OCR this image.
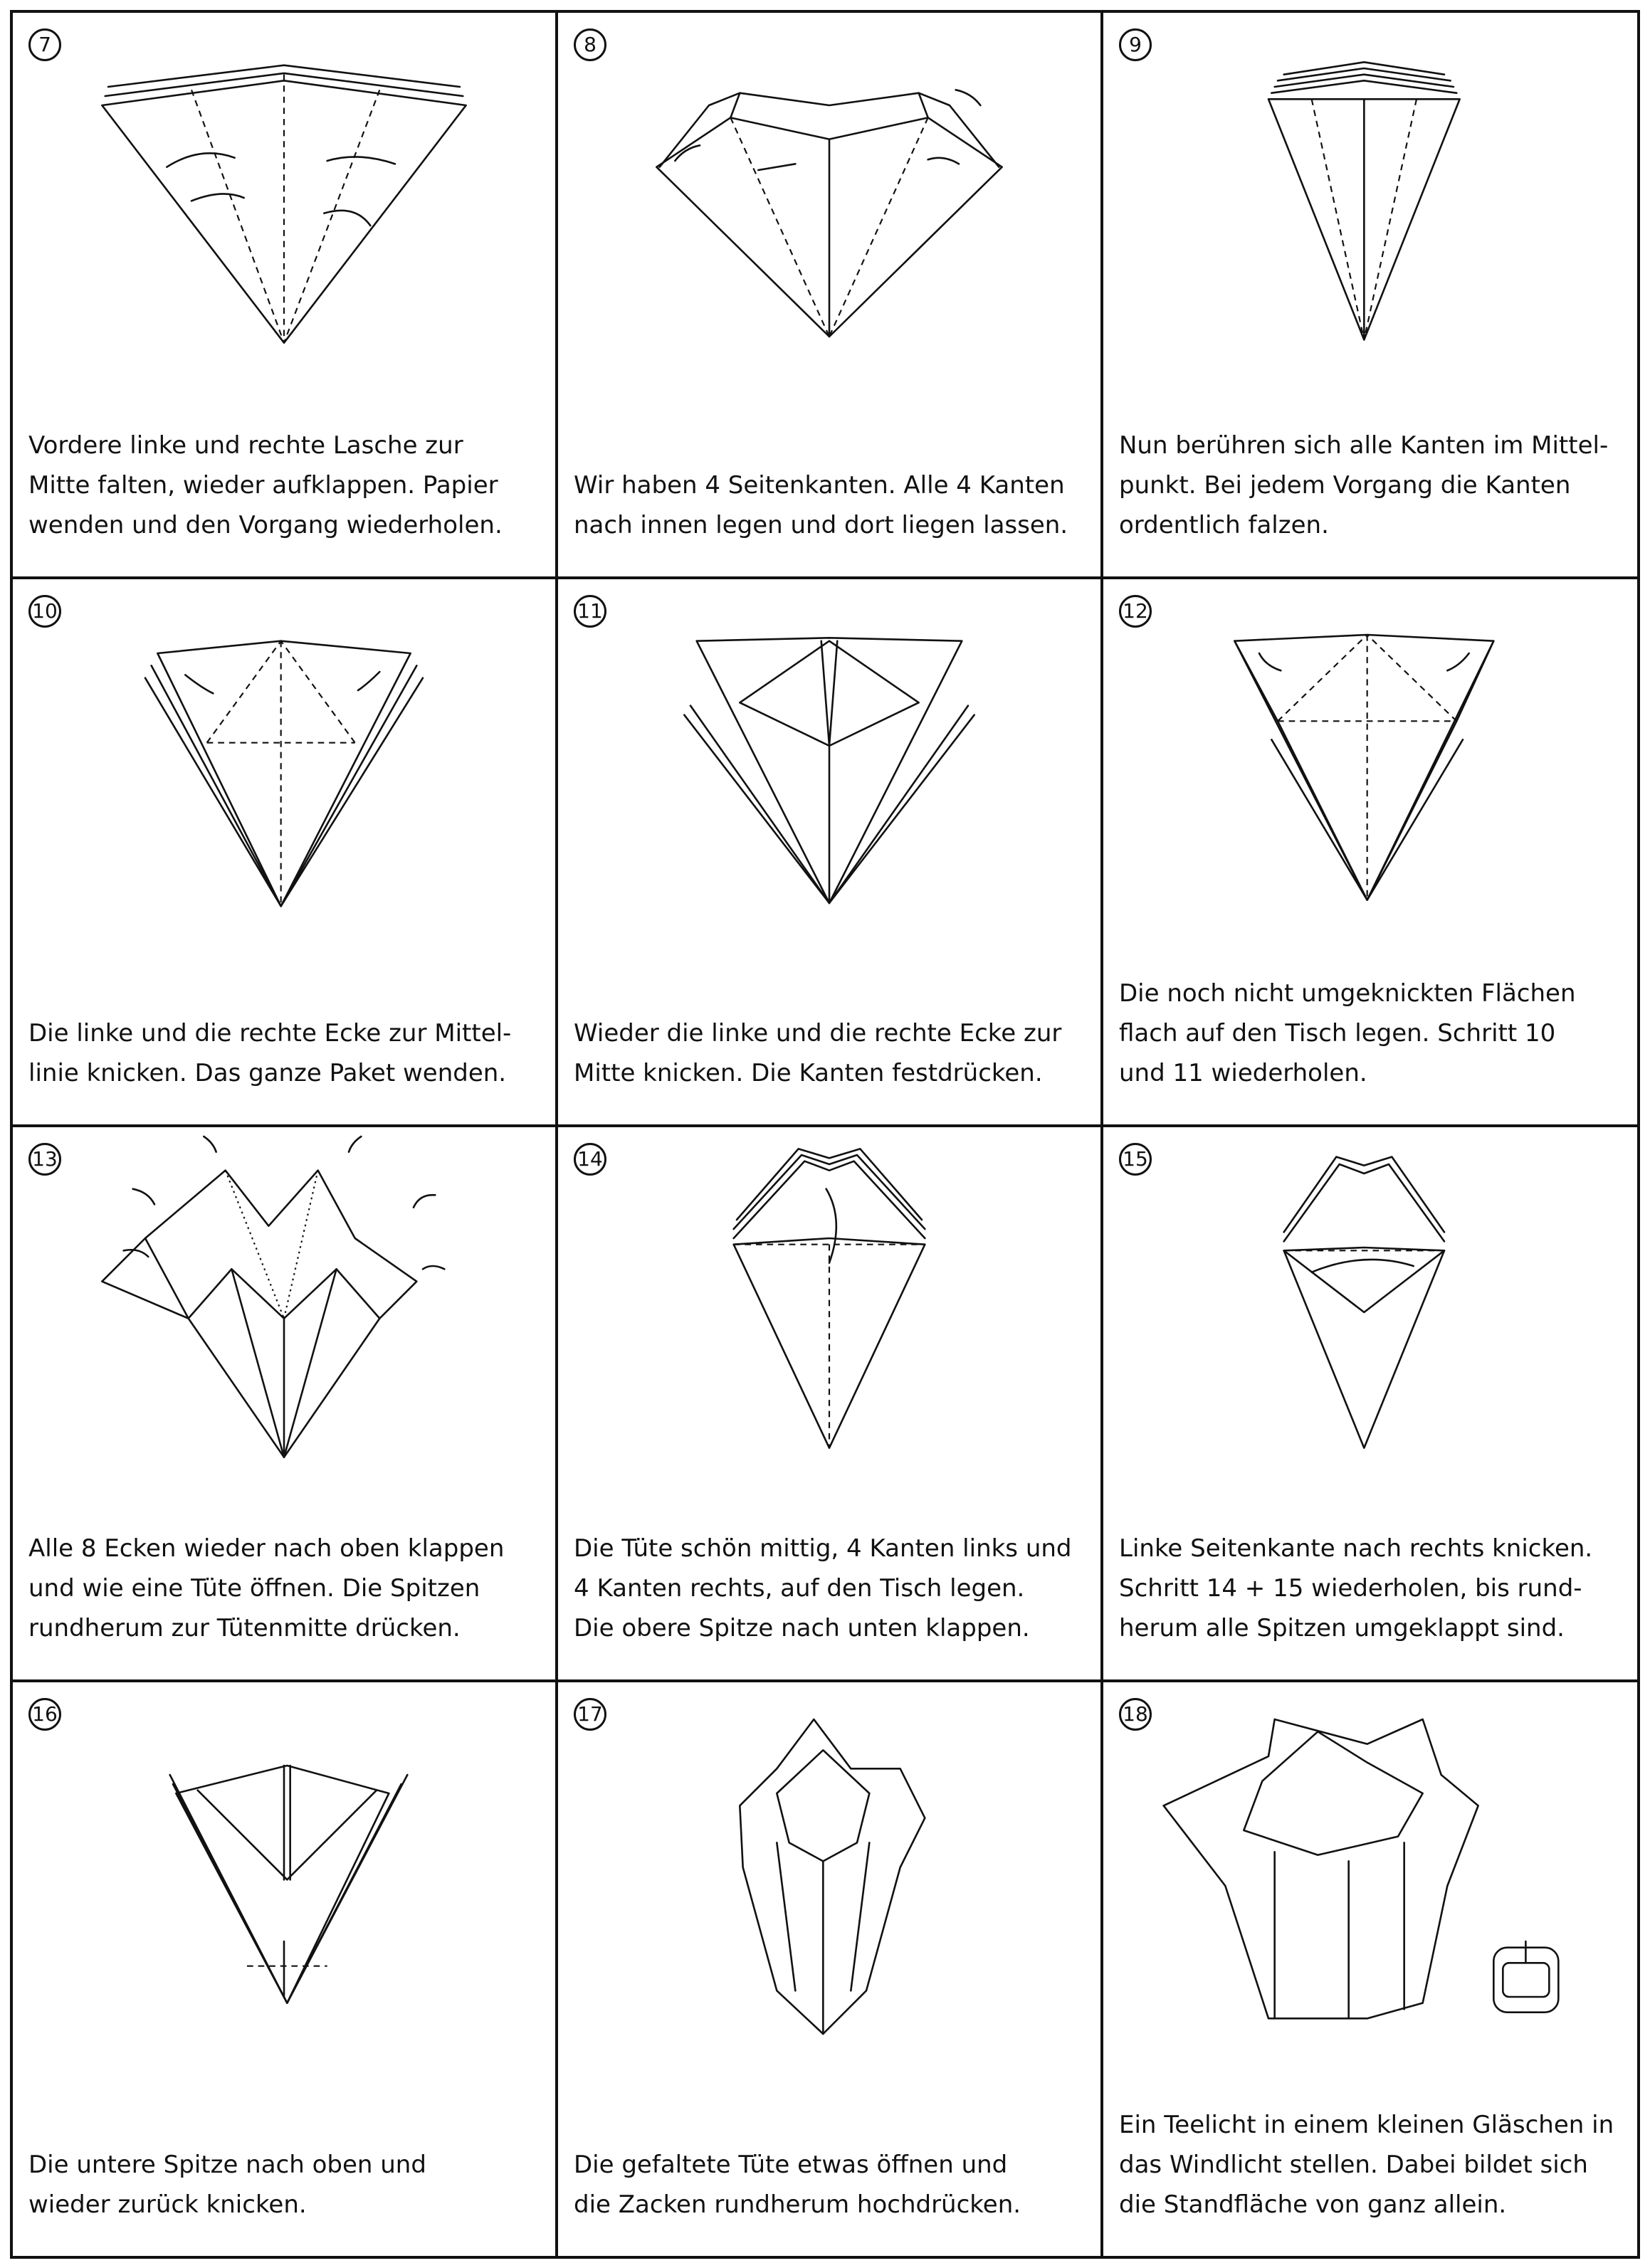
7
Vordere linke und rechte Lasche zur
Mitte falten, wieder aufklappen. Papier
wenden und den Vorgang wiederholen.
8
Wir haben 4 Seitenkanten. Alle 4 Kanten
nach innen legen und dort liegen lassen.
9
Nun berühren sich alle Kanten im Mittel-
punkt. Bei jedem Vorgang die Kanten
ordentlich falzen.
10
Die linke und die rechte Ecke zur Mittel-
linie knicken. Das ganze Paket wenden.
11
Wieder die linke und die rechte Ecke zur
Mitte knicken. Die Kanten festdrücken.
12
Die noch nicht umgeknickten Flächen
flach auf den Tisch legen. Schritt 10
und 11 wiederholen.
13
Alle 8 Ecken wieder nach oben klappen
und wie eine Tüte öffnen. Die Spitzen
rundherum zur Tütenmitte drücken.
14
Die Tüte schön mittig, 4 Kanten links und
4 Kanten rechts, auf den Tisch legen.
Die obere Spitze nach unten klappen.
15
Linke Seitenkante nach rechts knicken.
Schritt 14 + 15 wiederholen, bis rund-
herum alle Spitzen umgeklappt sind.
16
Die untere Spitze nach oben und
wieder zurück knicken.
17
Die gefaltete Tüte etwas öffnen und
die Zacken rundherum hochdrücken.
18
Ein Teelicht in einem kleinen Gläschen in
das Windlicht stellen. Dabei bildet sich
die Standfläche von ganz allein.
